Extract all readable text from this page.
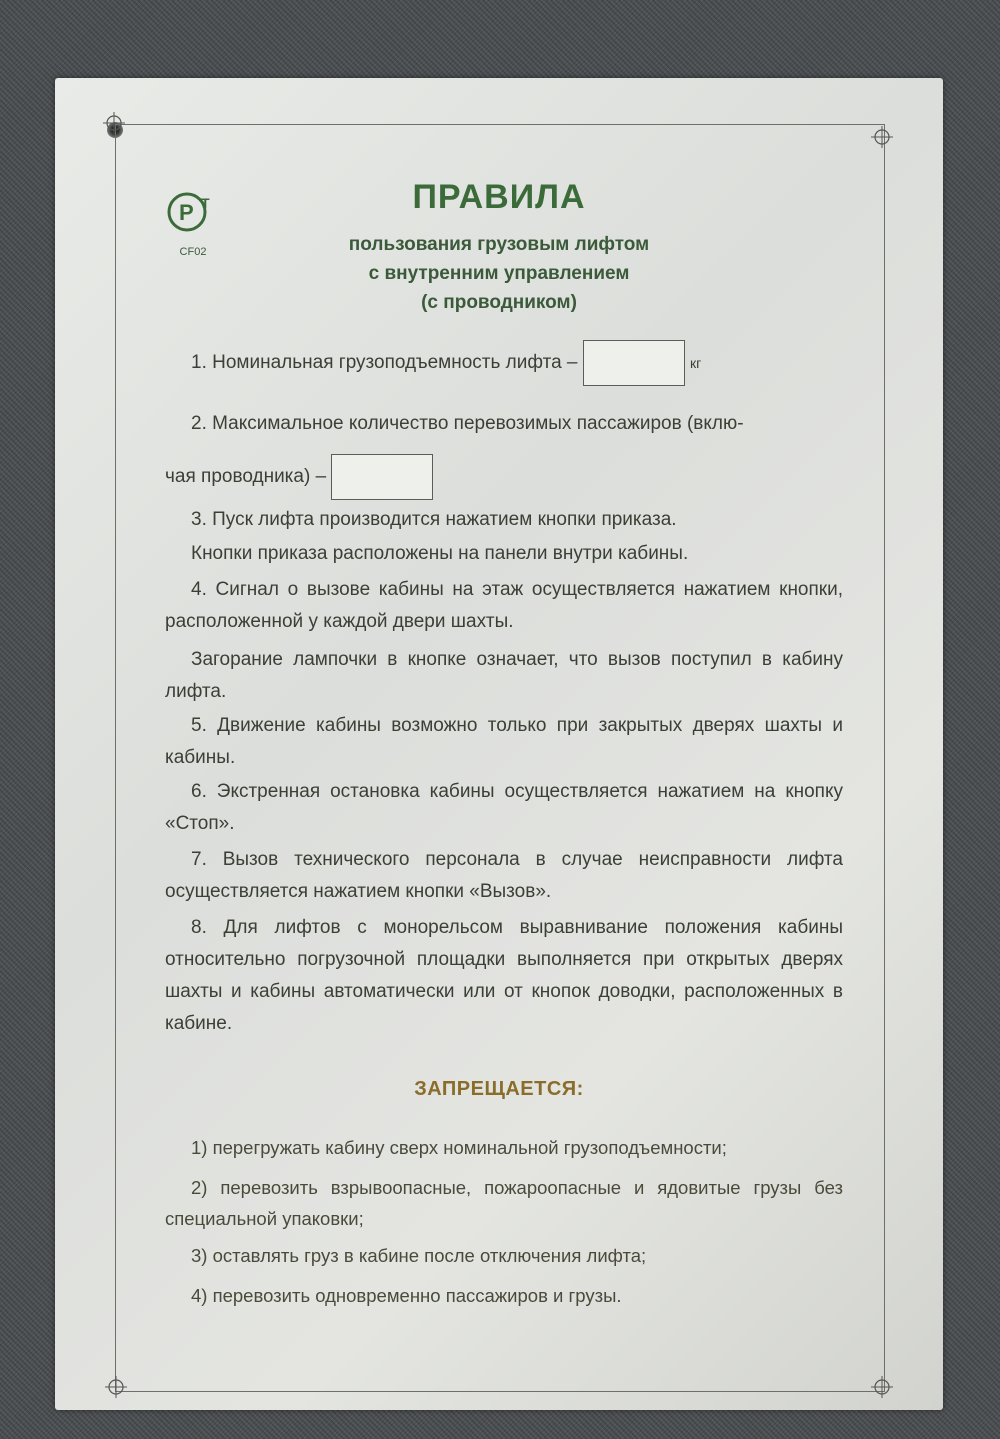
Р Т
CF02
ПРАВИЛА
пользования грузовым лифтом
с внутренним управлением
(с проводником)
1. Номинальная грузоподъемность лифта –	кг
2. Максимальное количество перевозимых пассажиров (вклю-
чая проводника) –
3. Пуск лифта производится нажатием кнопки приказа.
Кнопки приказа расположены на панели внутри кабины.
4. Сигнал о вызове кабины на этаж осуществляется нажатием кнопки, расположенной у каждой двери шахты.
Загорание лампочки в кнопке означает, что вызов поступил в кабину лифта.
5. Движение кабины возможно только при закрытых дверях шахты и кабины.
6. Экстренная остановка кабины осуществляется нажатием на кнопку «Стоп».
7. Вызов технического персонала в случае неисправности лифта осуществляется нажатием кнопки «Вызов».
8. Для лифтов с монорельсом выравнивание положения кабины относительно погрузочной площадки выполняется при открытых дверях шахты и кабины автоматически или от кнопок доводки, расположенных в кабине.
ЗАПРЕЩАЕТСЯ:
1) перегружать кабину сверх номинальной грузоподъемности;
2) перевозить взрывоопасные, пожароопасные и ядовитые грузы без специальной упаковки;
3) оставлять груз в кабине после отключения лифта;
4) перевозить одновременно пассажиров и грузы.
